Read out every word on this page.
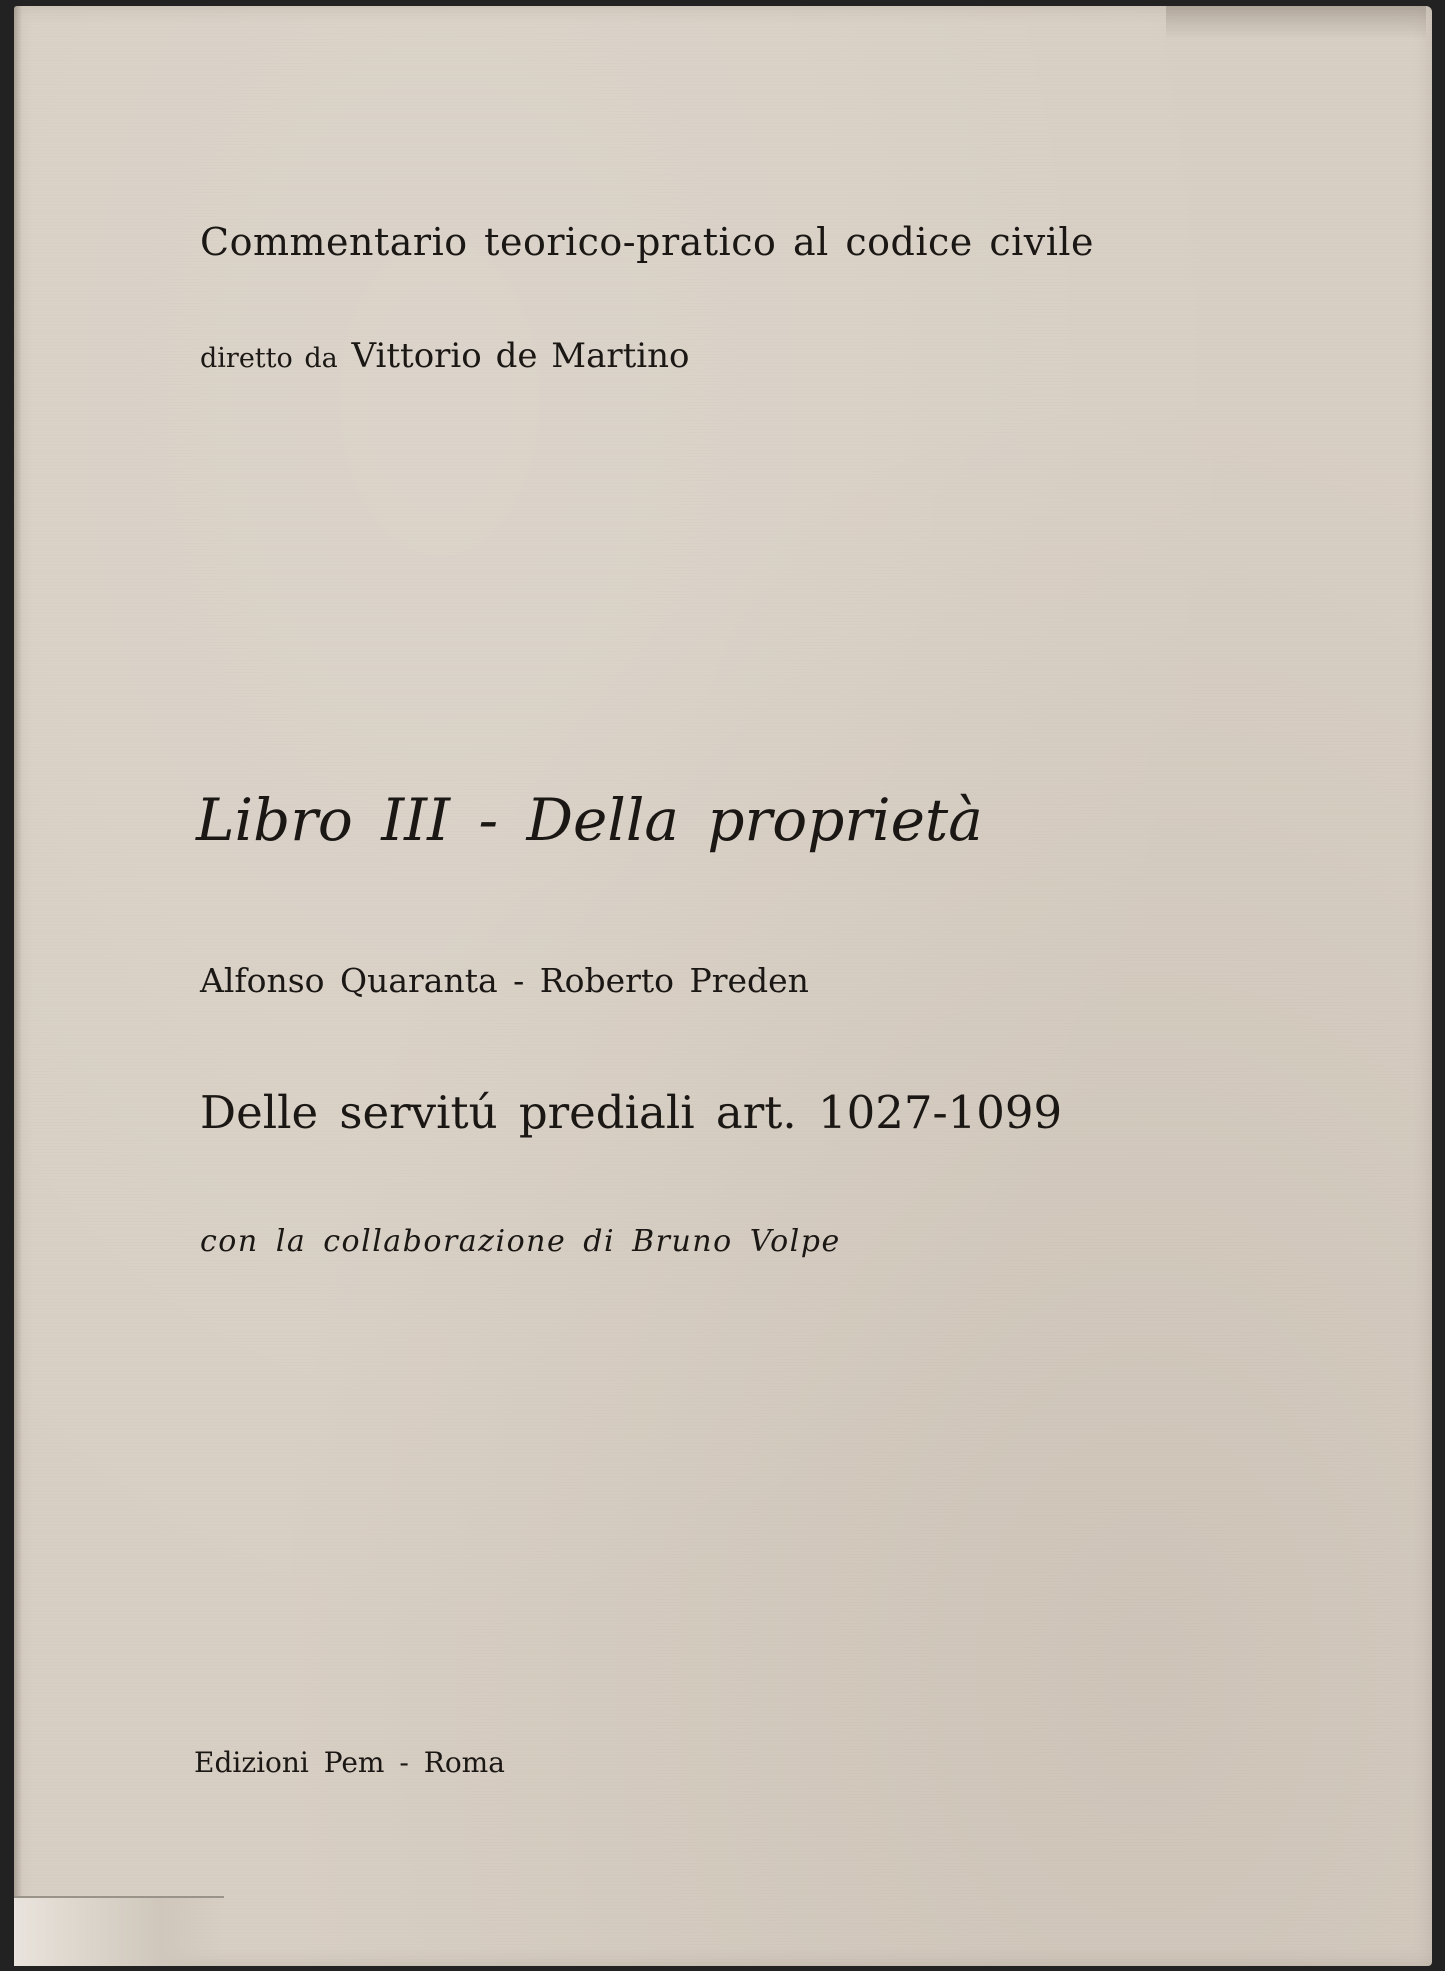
Commentario teorico-pratico al codice civile

diretto da Vittorio de Martino

Libro III - Della proprietà

Alfonso Quaranta - Roberto Preden

Delle servitú prediali art. 1027-1099

con la collaborazione di Bruno Volpe

Edizioni Pem - Roma
